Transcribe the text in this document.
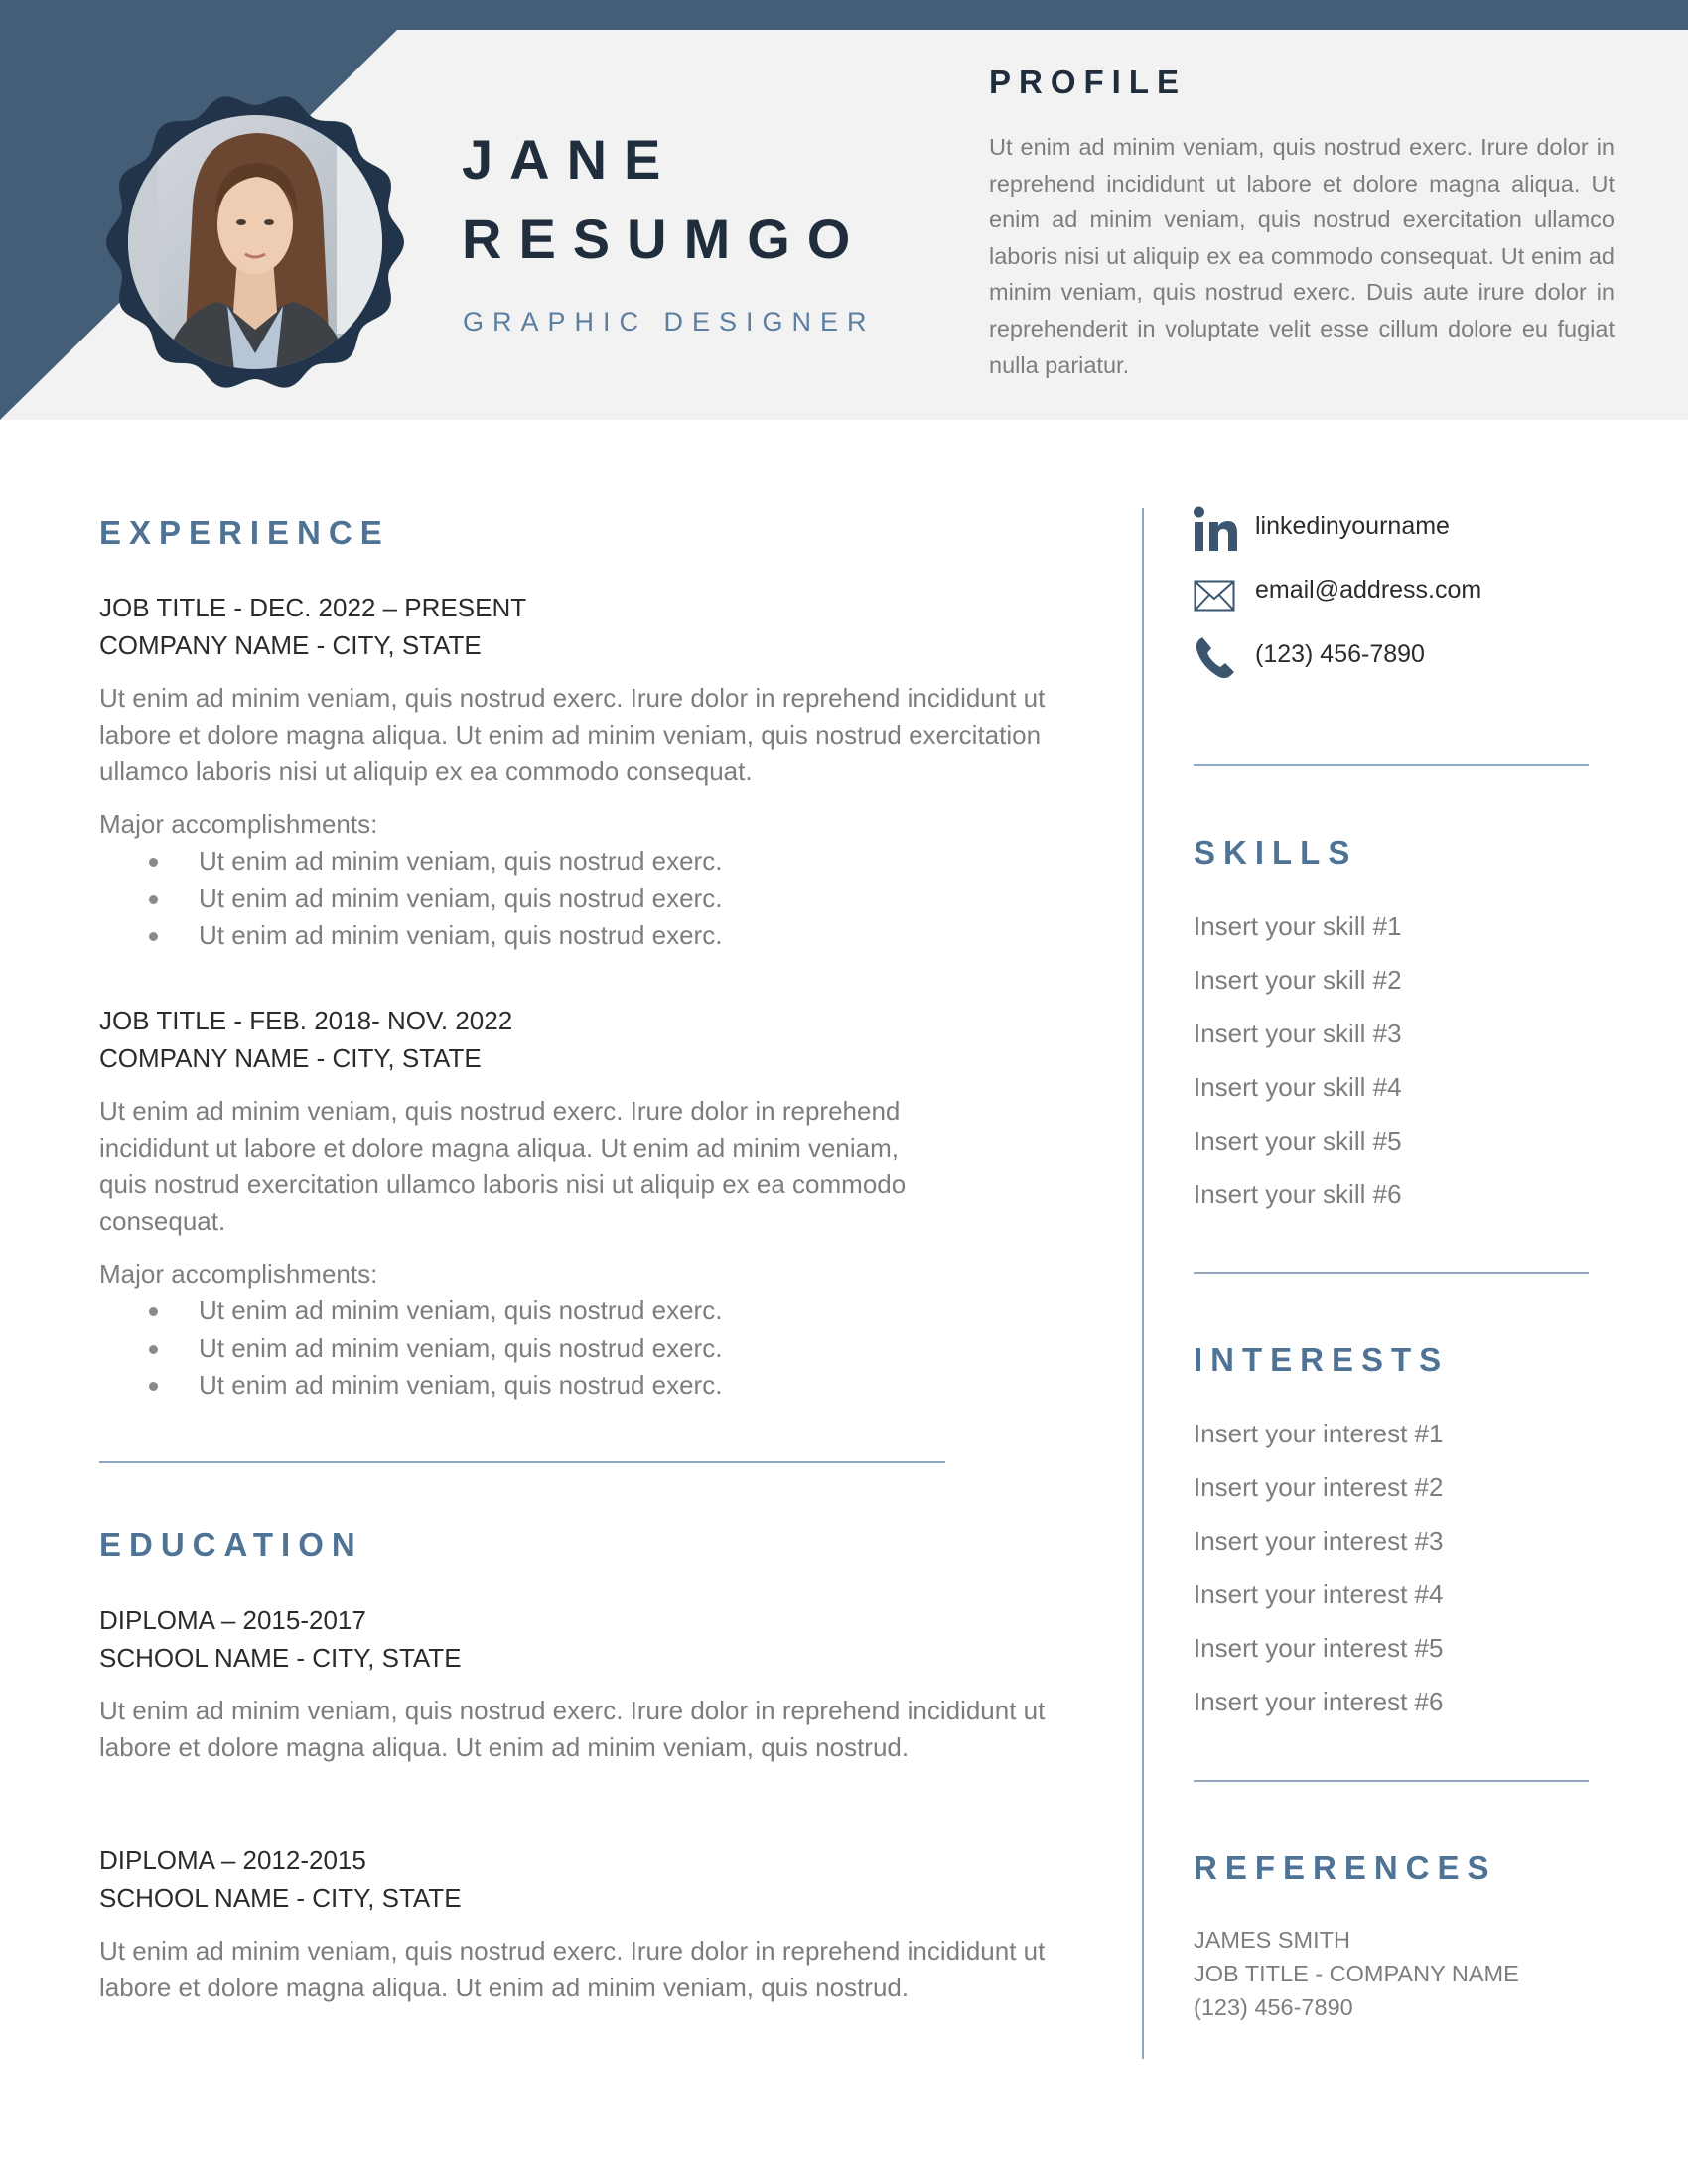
JANE
RESUMGO
GRAPHIC DESIGNER
PROFILE
Ut enim ad minim veniam, quis nostrud exerc. Irure dolor in reprehend incididunt ut labore et dolore magna aliqua. Ut enim ad minim veniam, quis nostrud exercitation ullamco laboris nisi ut aliquip ex ea commodo consequat. Ut enim ad minim veniam, quis nostrud exerc. Duis aute irure dolor in reprehenderit in voluptate velit esse cillum dolore eu fugiat nulla pariatur.
EXPERIENCE
JOB TITLE - DEC. 2022 – PRESENT
COMPANY NAME - CITY, STATE
Ut enim ad minim veniam, quis nostrud exerc. Irure dolor in reprehend incididunt ut labore et dolore magna aliqua. Ut enim ad minim veniam, quis nostrud exercitation ullamco laboris nisi ut aliquip ex ea commodo consequat.
Major accomplishments:
Ut enim ad minim veniam, quis nostrud exerc.
Ut enim ad minim veniam, quis nostrud exerc.
Ut enim ad minim veniam, quis nostrud exerc.
JOB TITLE - FEB. 2018- NOV. 2022
COMPANY NAME - CITY, STATE
Ut enim ad minim veniam, quis nostrud exerc. Irure dolor in reprehend incididunt ut labore et dolore magna aliqua. Ut enim ad minim veniam, quis nostrud exercitation ullamco laboris nisi ut aliquip ex ea commodo consequat.
Major accomplishments:
Ut enim ad minim veniam, quis nostrud exerc.
Ut enim ad minim veniam, quis nostrud exerc.
Ut enim ad minim veniam, quis nostrud exerc.
EDUCATION
DIPLOMA – 2015-2017
SCHOOL NAME - CITY, STATE
Ut enim ad minim veniam, quis nostrud exerc. Irure dolor in reprehend incididunt ut labore et dolore magna aliqua. Ut enim ad minim veniam, quis nostrud.
DIPLOMA – 2012-2015
SCHOOL NAME - CITY, STATE
Ut enim ad minim veniam, quis nostrud exerc. Irure dolor in reprehend incididunt ut labore et dolore magna aliqua. Ut enim ad minim veniam, quis nostrud.
linkedinyourname
email@address.com
(123) 456-7890
SKILLS
Insert your skill #1
Insert your skill #2
Insert your skill #3
Insert your skill #4
Insert your skill #5
Insert your skill #6
INTERESTS
Insert your interest #1
Insert your interest #2
Insert your interest #3
Insert your interest #4
Insert your interest #5
Insert your interest #6
REFERENCES
JAMES SMITH
JOB TITLE - COMPANY NAME
(123) 456-7890
